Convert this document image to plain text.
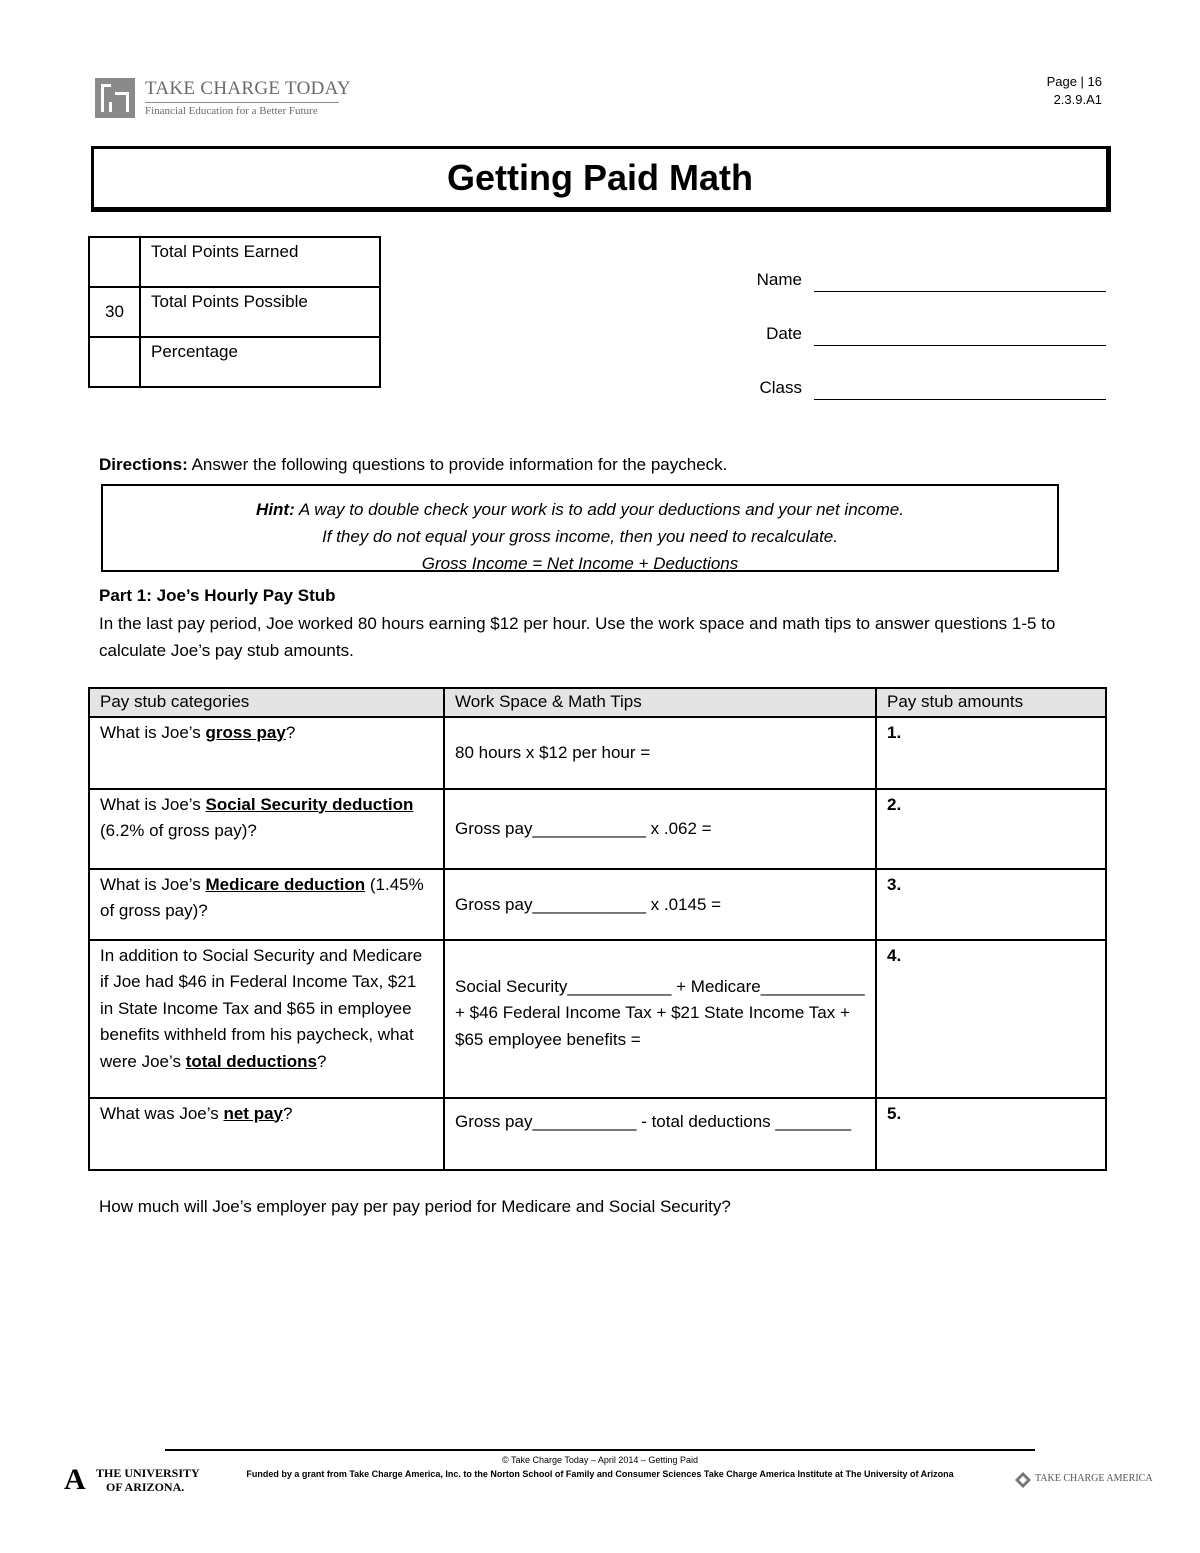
TAKE CHARGE TODAY
Financial Education for a Better Future
Page | 16
2.3.9.A1
Getting Paid Math
	Total Points Earned
30	Total Points Possible
	Percentage
Name
Date
Class
Directions: Answer the following questions to provide information for the paycheck.
Hint: A way to double check your work is to add your deductions and your net income.
If they do not equal your gross income, then you need to recalculate.
Gross Income = Net Income + Deductions
Part 1: Joe’s Hourly Pay Stub
In the last pay period, Joe worked 80 hours earning $12 per hour. Use the work space and math tips to answer questions 1-5 to calculate Joe’s pay stub amounts.
Pay stub categories	Work Space & Math Tips	Pay stub amounts
What is Joe’s gross pay?	80 hours x $12 per hour =	1.
What is Joe’s Social Security deduction (6.2% of gross pay)?	Gross pay____________ x .062 =	2.
What is Joe’s Medicare deduction (1.45% of gross pay)?	Gross pay____________ x .0145 =	3.
In addition to Social Security and Medicare if Joe had $46 in Federal Income Tax, $21 in State Income Tax and $65 in employee benefits withheld from his paycheck, what were Joe’s total deductions?	Social Security___________ + Medicare___________ + $46 Federal Income Tax + $21 State Income Tax + $65 employee benefits =	4.
What was Joe’s net pay?	Gross pay___________ - total deductions ________	5.
How much will Joe’s employer pay per pay period for Medicare and Social Security?
© Take Charge Today – April 2014 – Getting Paid
Funded by a grant from Take Charge America, Inc. to the Norton School of Family and Consumer Sciences Take Charge America Institute at The University of Arizona
A THE UNIVERSITY
OF ARIZONA.
TAKE CHARGE AMERICA
